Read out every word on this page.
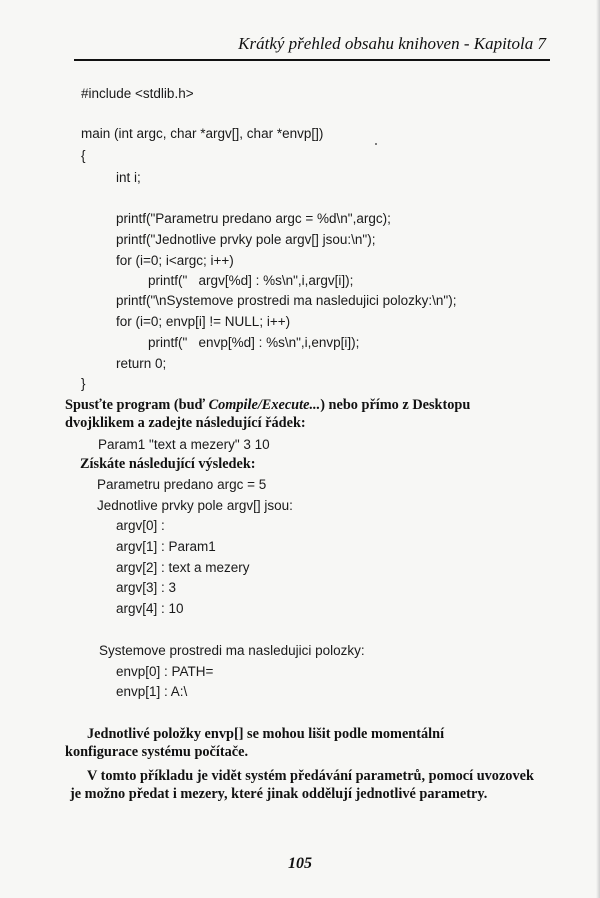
Krátký přehled obsahu knihoven - Kapitola 7
#include <stdlib.h>
main (int argc, char *argv[], char *envp[])
{
int i;
printf("Parametru predano argc = %d\n",argc);
printf("Jednotlive prvky pole argv[] jsou:\n");
for (i=0; i<argc; i++)
printf("   argv[%d] : %s\n",i,argv[i]);
printf("\nSystemove prostredi ma nasledujici polozky:\n");
for (i=0; envp[i] != NULL; i++)
printf("   envp[%d] : %s\n",i,envp[i]);
return 0;
}
Spusťte program (buď Compile/Execute...) nebo přímo z Desktopu
dvojklikem a zadejte následující řádek:
Param1 "text a mezery" 3 10
Získáte následující výsledek:
Parametru predano argc = 5
Jednotlive prvky pole argv[] jsou:
argv[0] :
argv[1] : Param1
argv[2] : text a mezery
argv[3] : 3
argv[4] : 10
Systemove prostredi ma nasledujici polozky:
envp[0] : PATH=
envp[1] : A:\
Jednotlivé položky envp[] se mohou lišit podle momentální
konfigurace systému počítače.
V tomto příkladu je vidět systém předávání parametrů, pomocí uvozovek
je možno předat i mezery, které jinak oddělují jednotlivé parametry.
105
